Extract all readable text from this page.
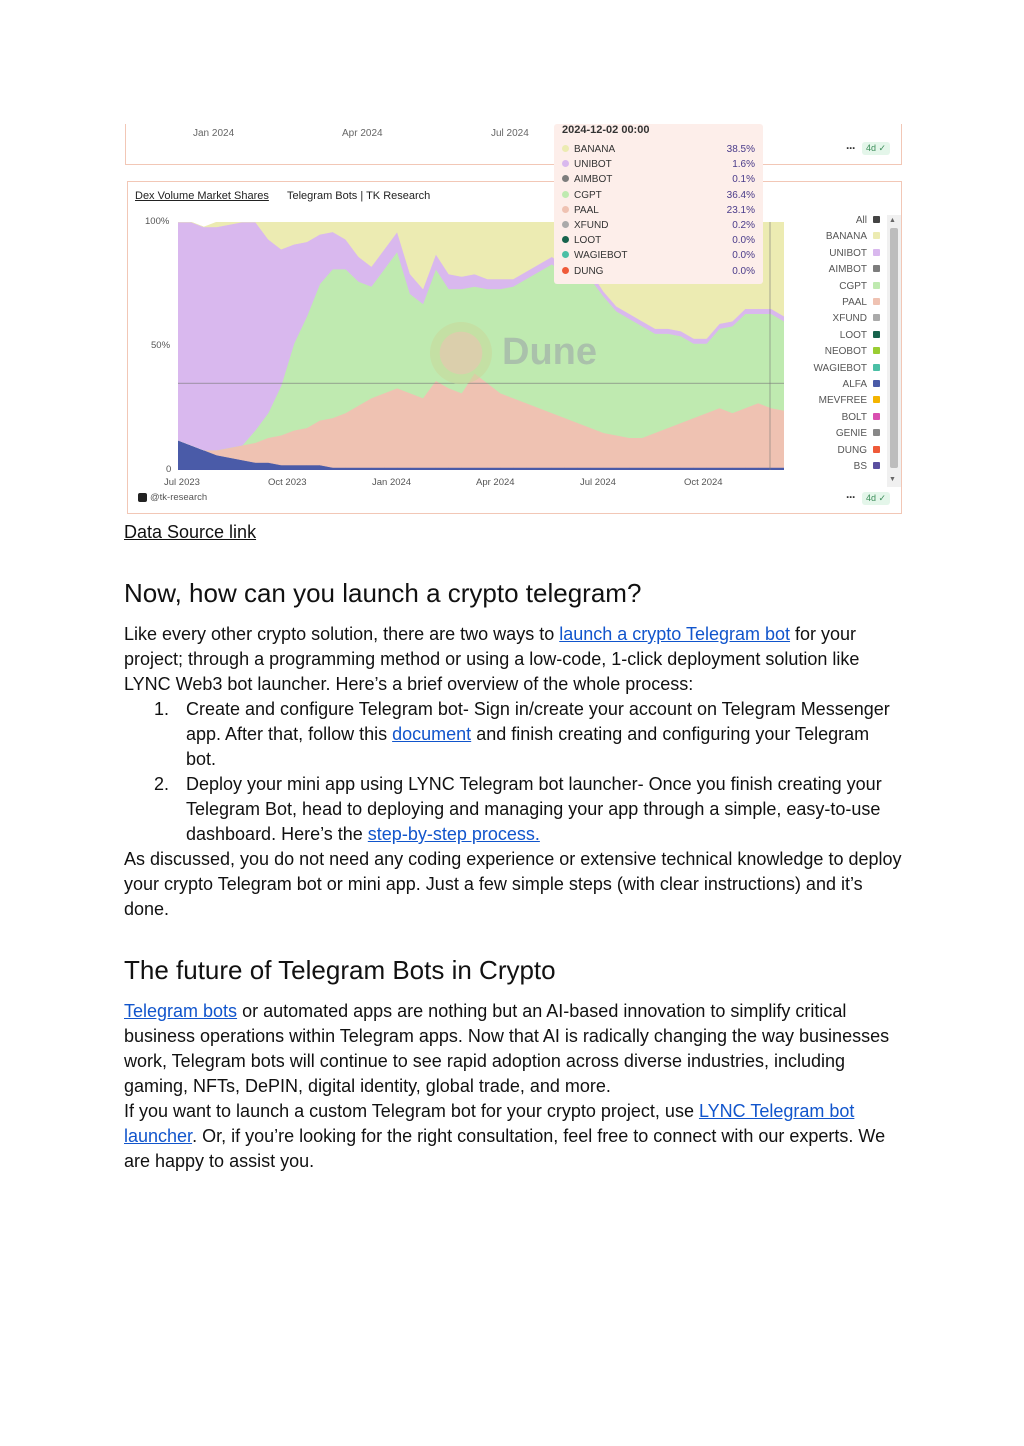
Jan 2024	Apr 2024	Jul 2024
···	4d ✓
Dex Volume Market Shares Telegram Bots | TK Research
100%
50%
0
Dune
Jul 2023	Oct 2023	Jan 2024	Apr 2024	Jul 2024	Oct 2024
@tk-research	···	4d ✓
All
BANANA
UNIBOT
AIMBOT
CGPT
PAAL
XFUND
LOOT
NEOBOT
WAGIEBOT
ALFA
MEVFREE
BOLT
GENIE
DUNG
BS
▲
▼
2024-12-02 00:00
BANANA	38.5%
UNIBOT	1.6%
AIMBOT	0.1%
CGPT	36.4%
PAAL	23.1%
XFUND	0.2%
LOOT	0.0%
WAGIEBOT	0.0%
DUNG	0.0%
Data Source link
Now, how can you launch a crypto telegram?
Like every other crypto solution, there are two ways to launch a crypto Telegram bot for your project; through a programming method or using a low-code, 1-click deployment solution like LYNC Web3 bot launcher. Here’s a brief overview of the whole process:
1. Create and configure Telegram bot- Sign in/create your account on Telegram Messenger app. After that, follow this document and finish creating and configuring your Telegram bot.
2. Deploy your mini app using LYNC Telegram bot launcher- Once you finish creating your Telegram Bot, head to deploying and managing your app through a simple, easy-to-use dashboard. Here’s the step-by-step process.
As discussed, you do not need any coding experience or extensive technical knowledge to deploy your crypto Telegram bot or mini app. Just a few simple steps (with clear instructions) and it’s done.
The future of Telegram Bots in Crypto
Telegram bots or automated apps are nothing but an AI-based innovation to simplify critical business operations within Telegram apps. Now that AI is radically changing the way businesses work, Telegram bots will continue to see rapid adoption across diverse industries, including gaming, NFTs, DePIN, digital identity, global trade, and more.
If you want to launch a custom Telegram bot for your crypto project, use LYNC Telegram bot launcher. Or, if you’re looking for the right consultation, feel free to connect with our experts. We are happy to assist you.
